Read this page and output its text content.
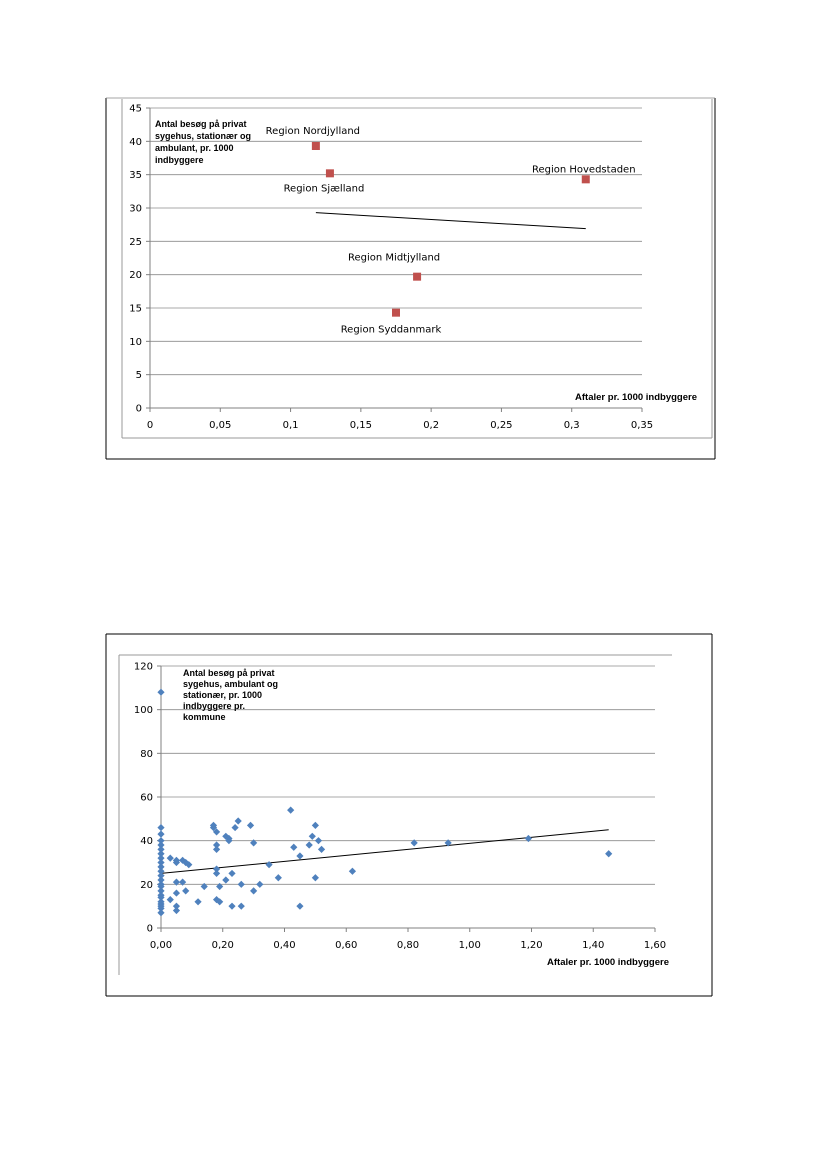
0
5
10
15
20
25
30
35
40
45
0	0,05	0,1	0,15	0,2	0,25	0,3	0,35
Region Nordjylland
Region Sjælland
Region Hovedstaden
Region Midtjylland
Region Syddanmark
Antal besøg på privat
sygehus, stationær og
ambulant, pr. 1000
indbyggere
Aftaler pr. 1000 indbyggere
0
20
40
60
80
100
120
0,00	0,20	0,40	0,60	0,80	1,00	1,20	1,40	1,60
Antal besøg på privat
sygehus, ambulant og
stationær, pr. 1000
indbyggere pr.
kommune
Aftaler pr. 1000 indbyggere
